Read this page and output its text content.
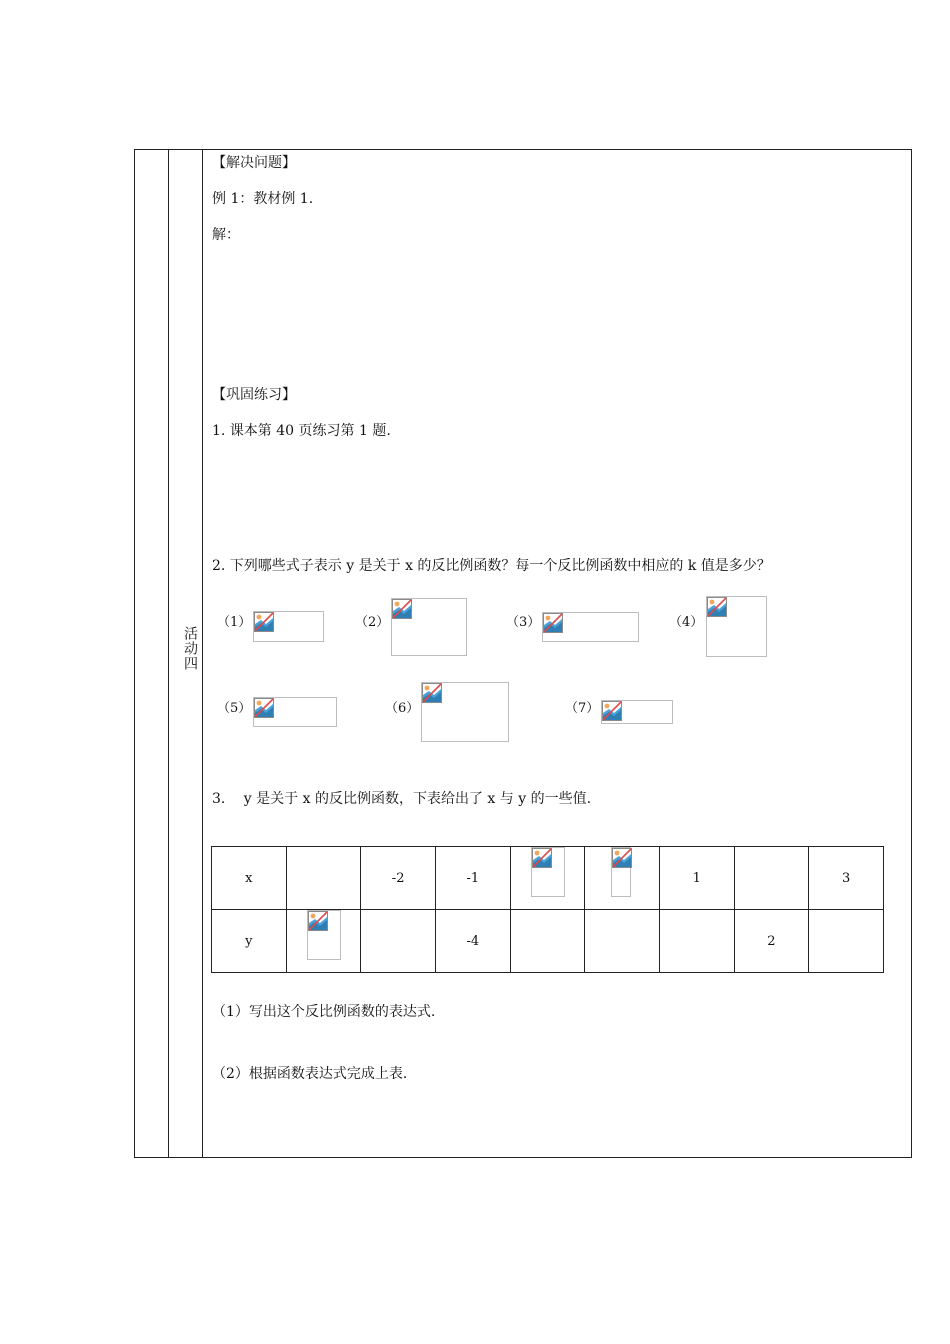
活动四
【解决问题】
例 1：教材例 1.
解：
【巩固练习】
1. 课本第 40 页练习第 1 题.
2. 下列哪些式子表示 y 是关于 x 的反比例函数？每一个反比例函数中相应的 k 值是多少？
（1）	（2）	（3）	（4）
（5）	（6）	（7）
3.　 y 是关于 x 的反比例函数，下表给出了 x 与 y 的一些值.
x		-2	-1			1		3
y			-4				2	
（1）写出这个反比例函数的表达式.
（2）根据函数表达式完成上表.
